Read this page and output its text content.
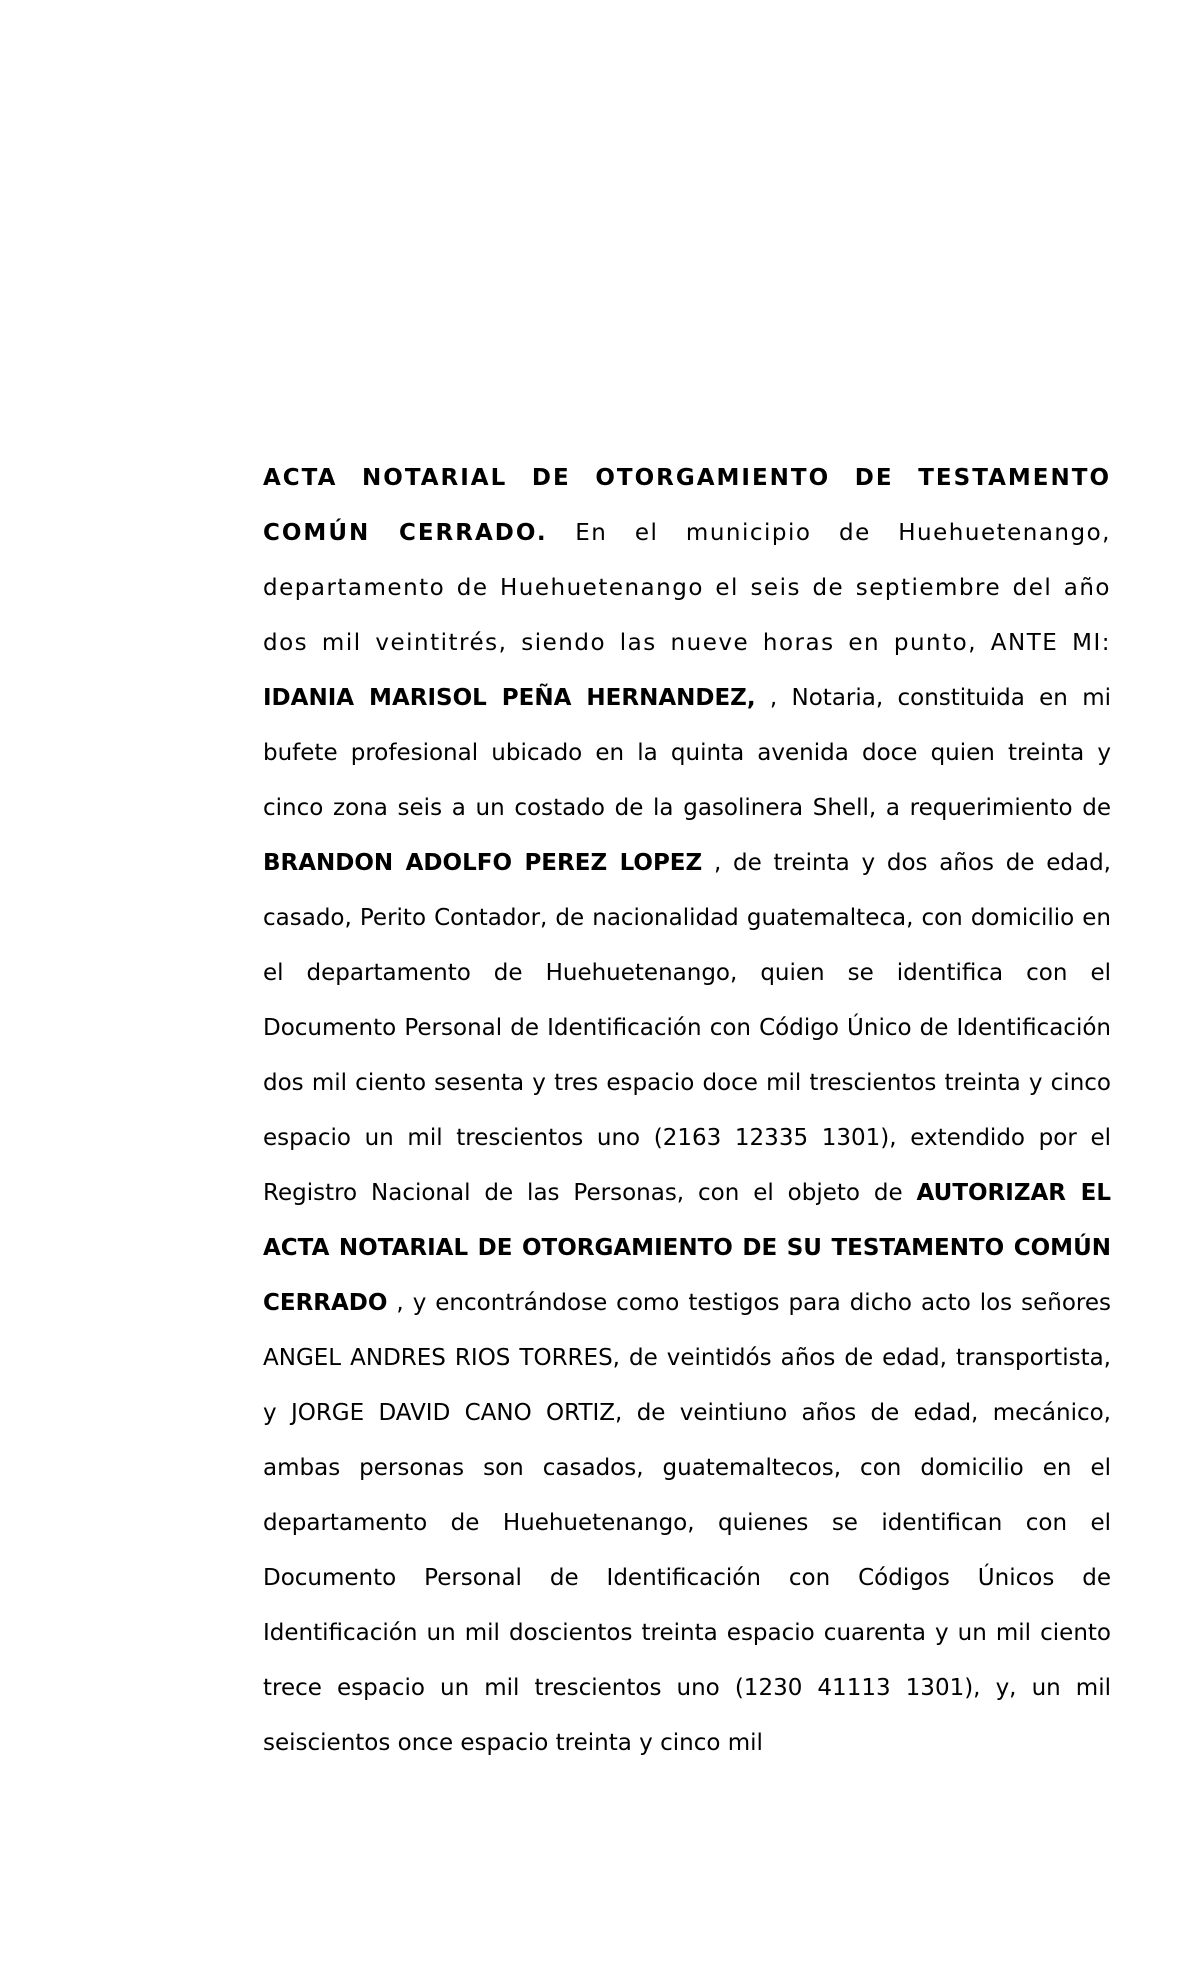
ACTA NOTARIAL DE OTORGAMIENTO DE TESTAMENTO COMÚN CERRADO. En el municipio de Huehuetenango, departamento de Huehuetenango el seis de septiembre del año dos mil veintitrés, siendo las nueve horas en punto, ANTE MI: IDANIA MARISOL PEÑA HERNANDEZ, , Notaria, constituida en mi bufete profesional ubicado en la quinta avenida doce quien treinta y cinco zona seis a un costado de la gasolinera Shell, a requerimiento de BRANDON ADOLFO PEREZ LOPEZ , de treinta y dos años de edad, casado, Perito Contador, de nacionalidad guatemalteca, con domicilio en el departamento de Huehuetenango, quien se identifica con el Documento Personal de Identificación con Código Único de Identificación dos mil ciento sesenta y tres espacio doce mil trescientos treinta y cinco espacio un mil trescientos uno (2163 12335 1301), extendido por el Registro Nacional de las Personas, con el objeto de AUTORIZAR EL ACTA NOTARIAL DE OTORGAMIENTO DE SU TESTAMENTO COMÚN CERRADO , y encontrándose como testigos para dicho acto los señores ANGEL ANDRES RIOS TORRES, de veintidós años de edad, transportista, y JORGE DAVID CANO ORTIZ, de veintiuno años de edad, mecánico, ambas personas son casados, guatemaltecos, con domicilio en el departamento de Huehuetenango, quienes se identifican con el Documento Personal de Identificación con Códigos Únicos de Identificación un mil doscientos treinta espacio cuarenta y un mil ciento trece espacio un mil trescientos uno (1230 41113 1301), y, un mil seiscientos once espacio treinta y cinco mil
